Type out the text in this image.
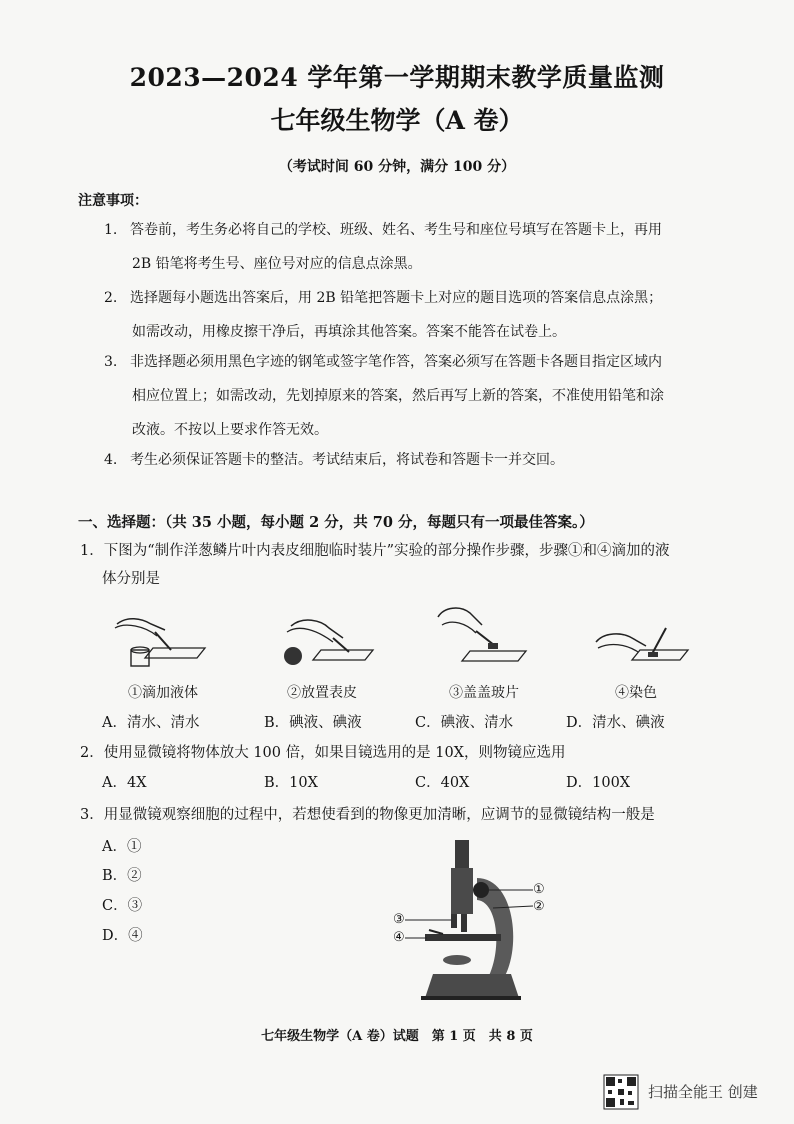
2023—2024 学年第一学期期末教学质量监测
七年级生物学（A 卷）
（考试时间 60 分钟，满分 100 分）
注意事项：
1. 答卷前，考生务必将自己的学校、班级、姓名、考生号和座位号填写在答题卡上，再用
2B 铅笔将考生号、座位号对应的信息点涂黑。
2. 选择题每小题选出答案后，用 2B 铅笔把答题卡上对应的题目选项的答案信息点涂黑；
如需改动，用橡皮擦干净后，再填涂其他答案。答案不能答在试卷上。
3. 非选择题必须用黑色字迹的钢笔或签字笔作答，答案必须写在答题卡各题目指定区域内
相应位置上；如需改动，先划掉原来的答案，然后再写上新的答案，不准使用铅笔和涂
改液。不按以上要求作答无效。
4. 考生必须保证答题卡的整洁。考试结束后，将试卷和答题卡一并交回。
一、选择题：（共 35 小题，每小题 2 分，共 70 分，每题只有一项最佳答案。）
1．下图为“制作洋葱鳞片叶内表皮细胞临时装片”实验的部分操作步骤，步骤①和④滴加的液
体分别是
①滴加液体	②放置表皮	③盖盖玻片	④染色
A．清水、清水	B．碘液、碘液	C．碘液、清水	D．清水、碘液
2．使用显微镜将物体放大 100 倍，如果目镜选用的是 10X，则物镜应选用
A．4X	B．10X	C．40X	D．100X
3．用显微镜观察细胞的过程中，若想使看到的物像更加清晰，应调节的显微镜结构一般是
A．①
B．②
C．③
D．④
①
②
③
④
七年级生物学（A 卷）试题　第 1 页　共 8 页
扫描全能王 创建
